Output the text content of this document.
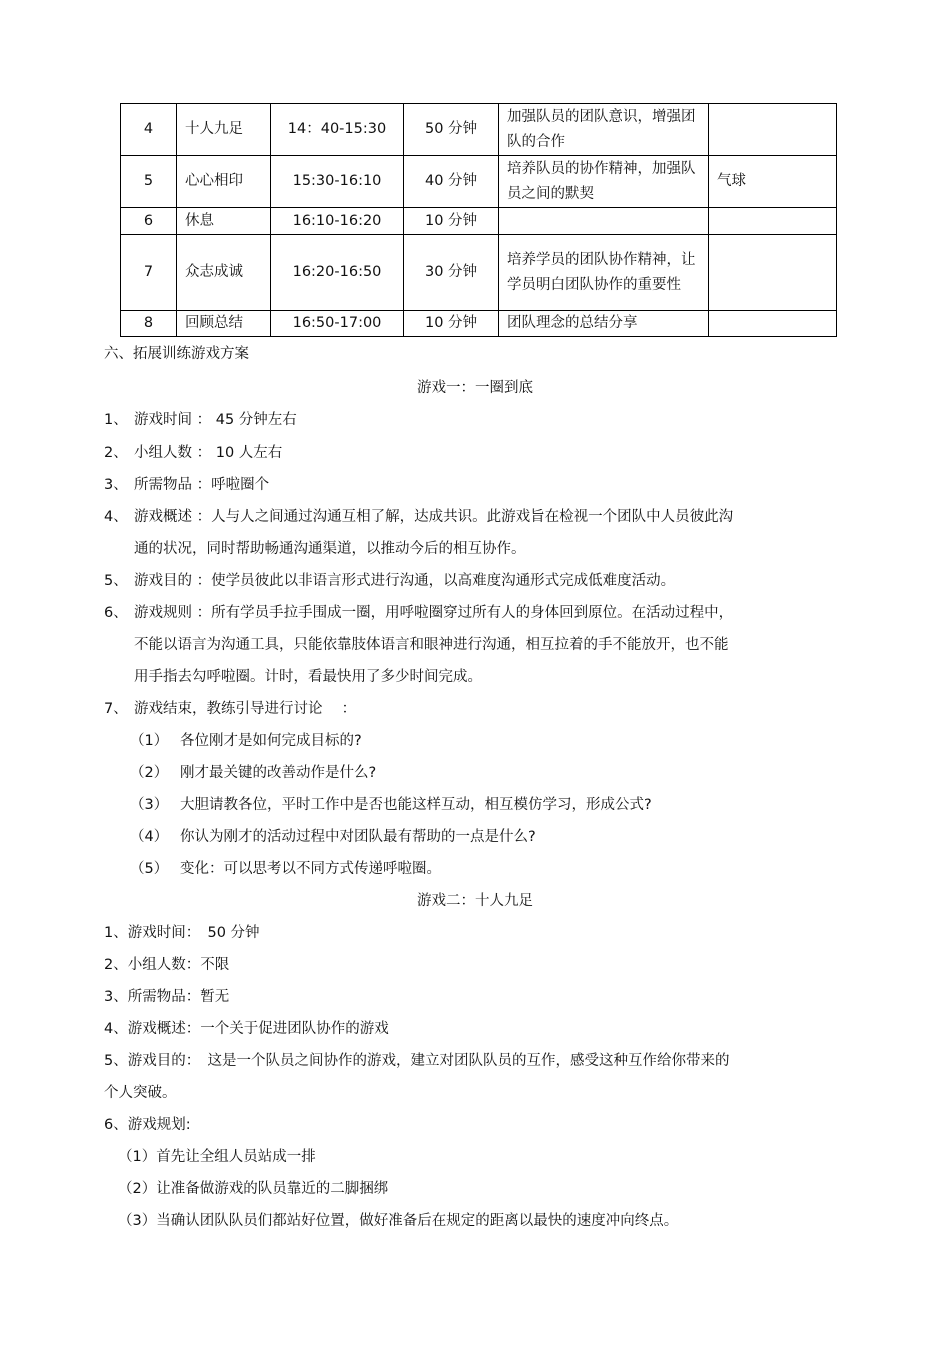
4	十人九足	14：40-15:30	50 分钟	加强队员的团队意识，增强团队的合作	
5	心心相印	15:30-16:10	40 分钟	培养队员的协作精神，加强队员之间的默契	气球
6	休息	16:10-16:20	10 分钟		
7	众志成诚	16:20-16:50	30 分钟	培养学员的团队协作精神，让学员明白团队协作的重要性	
8	回顾总结	16:50-17:00	10 分钟	团队理念的总结分享	
六、拓展训练游戏方案
游戏一：一圈到底
1、 游戏时间 ： 45 分钟左右
2、 小组人数 ： 10 人左右
3、 所需物品 ：呼啦圈个
4、 游戏概述 ：人与人之间通过沟通互相了解，达成共识。此游戏旨在检视一个团队中人员彼此沟
通的状况，同时帮助畅通沟通渠道，以推动今后的相互协作。
5、 游戏目的 ：使学员彼此以非语言形式进行沟通，以高难度沟通形式完成低难度活动。
6、 游戏规则 ：所有学员手拉手围成一圈，用呼啦圈穿过所有人的身体回到原位。在活动过程中，
不能以语言为沟通工具，只能依靠肢体语言和眼神进行沟通，相互拉着的手不能放开，也不能
用手指去勾呼啦圈。计时，看最快用了多少时间完成。
7、 游戏结束，教练引导进行讨论　 ：
（1） 各位刚才是如何完成目标的?
（2） 刚才最关键的改善动作是什么?
（3） 大胆请教各位，平时工作中是否也能这样互动，相互模仿学习，形成公式?
（4） 你认为刚才的活动过程中对团队最有帮助的一点是什么?
（5） 变化：可以思考以不同方式传递呼啦圈。
游戏二：十人九足
1、游戏时间：　50 分钟
2、小组人数：不限
3、所需物品：暂无
4、游戏概述：一个关于促进团队协作的游戏
5、游戏目的：　这是一个队员之间协作的游戏，建立对团队队员的互作，感受这种互作给你带来的
个人突破。
6、游戏规划:
（1）首先让全组人员站成一排
（2）让准备做游戏的队员靠近的二脚捆绑
（3）当确认团队队员们都站好位置，做好准备后在规定的距离以最快的速度冲向终点。
